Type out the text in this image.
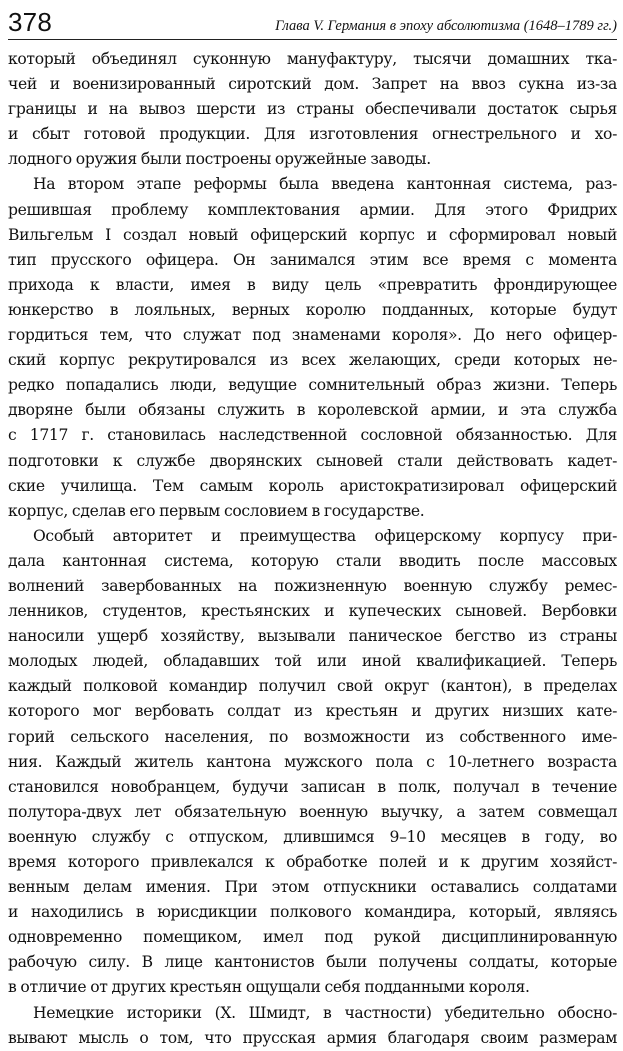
378	Глава V. Германия в эпоху абсолютизма (1648–1789 гг.)
который объединял суконную мануфактуру, тысячи домашних тка-
чей и военизированный сиротский дом. Запрет на ввоз сукна из-за
границы и на вывоз шерсти из страны обеспечивали достаток сырья
и сбыт готовой продукции. Для изготовления огнестрельного и хо-
лодного оружия были построены оружейные заводы.
На втором этапе реформы была введена кантонная система, раз-
решившая проблему комплектования армии. Для этого Фридрих
Вильгельм I создал новый офицерский корпус и сформировал новый
тип прусского офицера. Он занимался этим все время с момента
прихода к власти, имея в виду цель «превратить фрондирующее
юнкерство в лояльных, верных королю подданных, которые будут
гордиться тем, что служат под знаменами короля». До него офицер-
ский корпус рекрутировался из всех желающих, среди которых не-
редко попадались люди, ведущие сомнительный образ жизни. Теперь
дворяне были обязаны служить в королевской армии, и эта служба
с 1717 г. становилась наследственной сословной обязанностью. Для
подготовки к службе дворянских сыновей стали действовать кадет-
ские училища. Тем самым король аристократизировал офицерский
корпус, сделав его первым сословием в государстве.
Особый авторитет и преимущества офицерскому корпусу при-
дала кантонная система, которую стали вводить после массовых
волнений завербованных на пожизненную военную службу ремес-
ленников, студентов, крестьянских и купеческих сыновей. Вербовки
наносили ущерб хозяйству, вызывали паническое бегство из страны
молодых людей, обладавших той или иной квалификацией. Теперь
каждый полковой командир получил свой округ (кантон), в пределах
которого мог вербовать солдат из крестьян и других низших кате-
горий сельского населения, по возможности из собственного име-
ния. Каждый житель кантона мужского пола с 10-летнего возраста
становился новобранцем, будучи записан в полк, получал в течение
полутора-двух лет обязательную военную выучку, а затем совмещал
военную службу с отпуском, длившимся 9–10 месяцев в году, во
время которого привлекался к обработке полей и к другим хозяйст-
венным делам имения. При этом отпускники оставались солдатами
и находились в юрисдикции полкового командира, который, являясь
одновременно помещиком, имел под рукой дисциплинированную
рабочую силу. В лице кантонистов были получены солдаты, которые
в отличие от других крестьян ощущали себя подданными короля.
Немецкие историки (Х. Шмидт, в частности) убедительно обосно-
вывают мысль о том, что прусская армия благодаря своим размерам
